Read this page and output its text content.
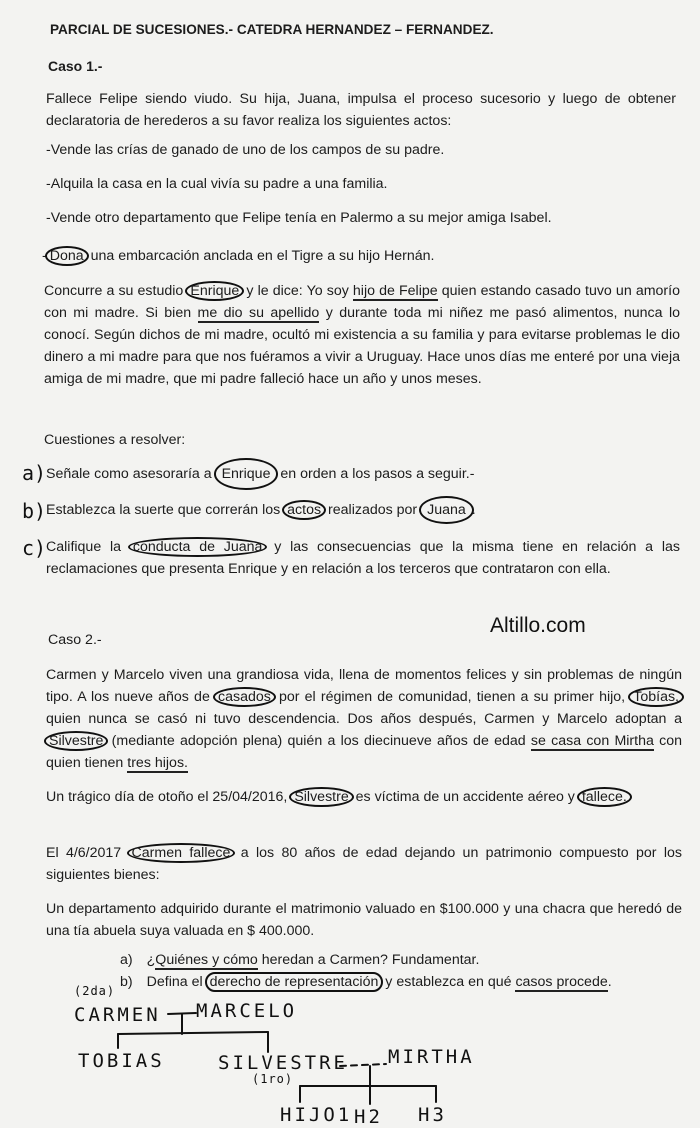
PARCIAL DE SUCESIONES.- CATEDRA HERNANDEZ – FERNANDEZ.

Caso 1.-

Fallece Felipe siendo viudo. Su hija, Juana, impulsa el proceso sucesorio y luego de obtener declaratoria de herederos a su favor realiza los siguientes actos:

-Vende las crías de ganado de uno de los campos de su padre.

-Alquila la casa en la cual vivía su padre a una familia.

-Vende otro departamento que Felipe tenía en Palermo a su mejor amiga Isabel.

- Dona una embarcación anclada en el Tigre a su hijo Hernán.

Concurre a su estudio Enrique y le dice: Yo soy hijo de Felipe quien estando casado tuvo un amorío con mi madre. Si bien me dio su apellido y durante toda mi niñez me pasó alimentos, nunca lo conocí. Según dichos de mi madre, ocultó mi existencia a su familia y para evitarse problemas le dio dinero a mi madre para que nos fuéramos a vivir a Uruguay. Hace unos días me enteré por una vieja amiga de mi madre, que mi padre falleció hace un año y unos meses.

Cuestiones a resolver:

a) Señale como asesoraría a Enrique en orden a los pasos a seguir.-

b) Establezca la suerte que correrán los actos realizados por Juana .

c) Califique la conducta de Juana y las consecuencias que la misma tiene en relación a las reclamaciones que presenta Enrique y en relación a los terceros que contrataron con ella.

Altillo.com

Caso 2.-

Carmen y Marcelo viven una grandiosa vida, llena de momentos felices y sin problemas de ningún tipo. A los nueve años de casados por el régimen de comunidad, tienen a su primer hijo, Tobías, quien nunca se casó ni tuvo descendencia. Dos años después, Carmen y Marcelo adoptan a Silvestre (mediante adopción plena) quién a los diecinueve años de edad se casa con Mirtha con quien tienen tres hijos.

Un trágico día de otoño el 25/04/2016, Silvestre es víctima de un accidente aéreo y fallece.

El 4/6/2017 Carmen fallece a los 80 años de edad dejando un patrimonio compuesto por los siguientes bienes:

Un departamento adquirido durante el matrimonio valuado en $100.000 y una chacra que heredó de una tía abuela suya valuada en $ 400.000.

a) ¿Quiénes y cómo heredan a Carmen? Fundamentar.

b) Defina el derecho de representación y establezca en qué casos procede.

(2da)
CARMEN MARCELO
TOBIAS	SILVESTRE
(1ro)
MIRTHA
HIJO1 H2 H3
